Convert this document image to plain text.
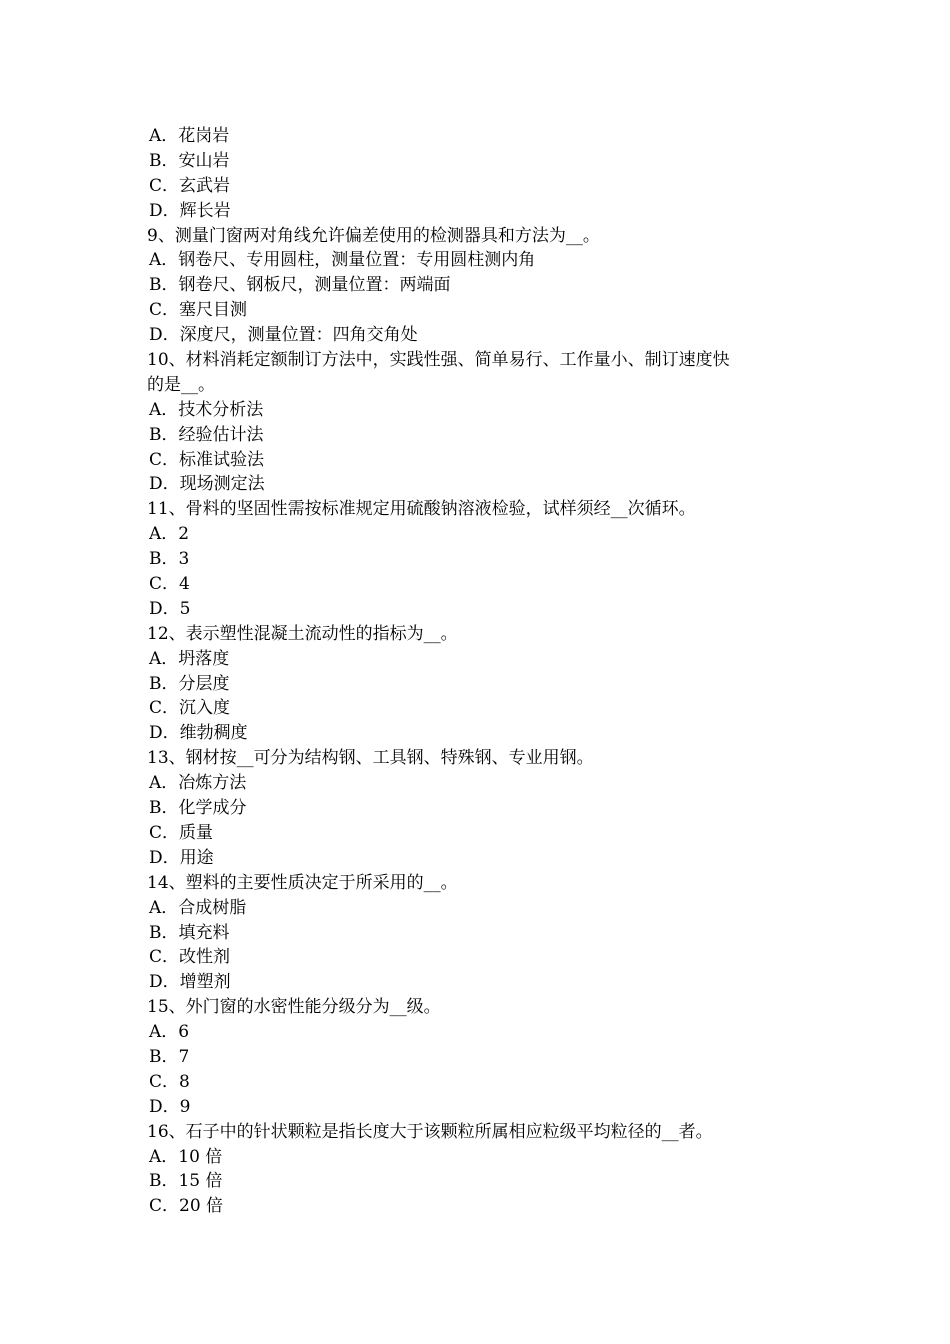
A．花岗岩
B．安山岩
C．玄武岩
D．辉长岩
9、测量门窗两对角线允许偏差使用的检测器具和方法为__。
A．钢卷尺、专用圆柱，测量位置：专用圆柱测内角
B．钢卷尺、钢板尺，测量位置：两端面
C．塞尺目测
D．深度尺，测量位置：四角交角处
10、材料消耗定额制订方法中，实践性强、简单易行、工作量小、制订速度快
的是__。
A．技术分析法
B．经验估计法
C．标准试验法
D．现场测定法
11、骨料的坚固性需按标准规定用硫酸钠溶液检验，试样须经__次循环。
A．2
B．3
C．4
D．5
12、表示塑性混凝土流动性的指标为__。
A．坍落度
B．分层度
C．沉入度
D．维勃稠度
13、钢材按__可分为结构钢、工具钢、特殊钢、专业用钢。
A．冶炼方法
B．化学成分
C．质量
D．用途
14、塑料的主要性质决定于所采用的__。
A．合成树脂
B．填充料
C．改性剂
D．增塑剂
15、外门窗的水密性能分级分为__级。
A．6
B．7
C．8
D．9
16、石子中的针状颗粒是指长度大于该颗粒所属相应粒级平均粒径的__者。
A．10 倍
B．15 倍
C．20 倍
